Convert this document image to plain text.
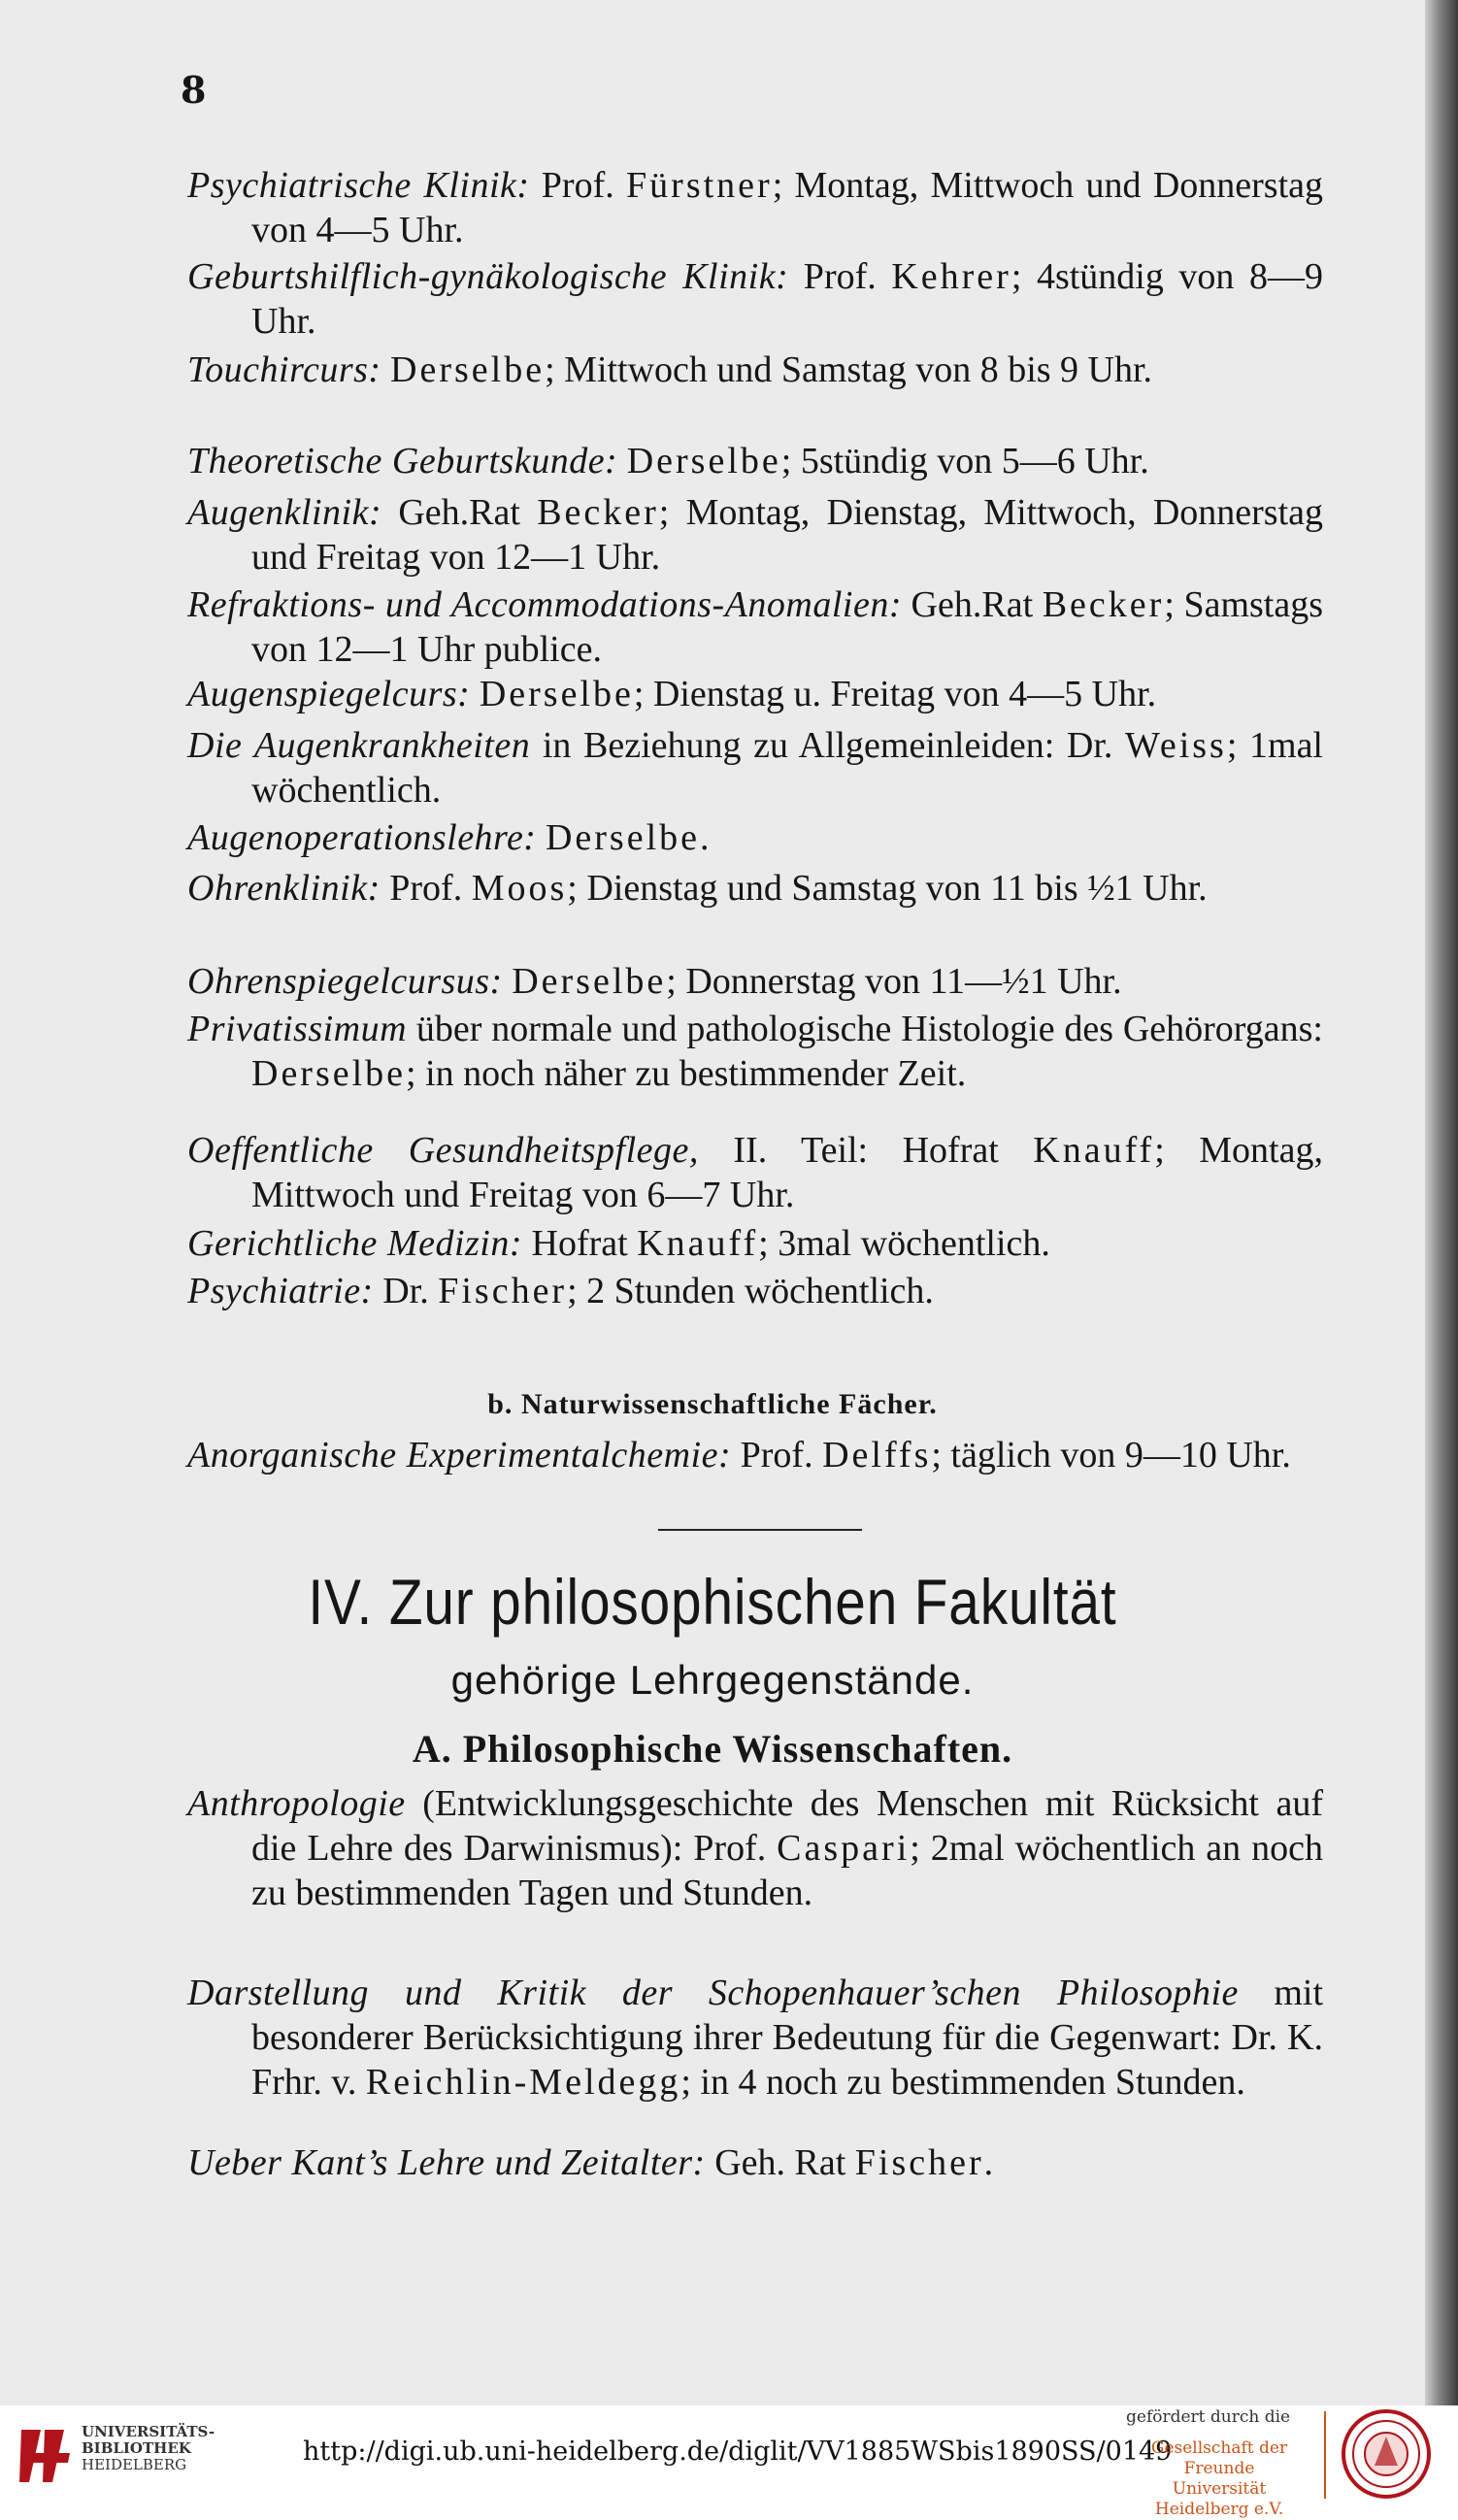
8
Psychiatrische Klinik: Prof. Fürstner; Montag, Mittwoch und Donnerstag von 4—5 Uhr.
Geburtshilflich-gynäkologische Klinik: Prof. Kehrer; 4stündig von 8—9 Uhr.
Touchircurs: Derselbe; Mittwoch und Samstag von 8 bis 9 Uhr.
Theoretische Geburtskunde: Derselbe; 5stündig von 5—6 Uhr.
Augenklinik: Geh.Rat Becker; Montag, Dienstag, Mittwoch, Donnerstag und Freitag von 12—1 Uhr.
Refraktions- und Accommodations-Anomalien: Geh.Rat Becker; Samstags von 12—1 Uhr publice.
Augenspiegelcurs: Derselbe; Dienstag u. Freitag von 4—5 Uhr.
Die Augenkrankheiten in Beziehung zu Allgemeinleiden: Dr. Weiss; 1mal wöchentlich.
Augenoperationslehre: Derselbe.
Ohrenklinik: Prof. Moos; Dienstag und Samstag von 11 bis ½1 Uhr.
Ohrenspiegelcursus: Derselbe; Donnerstag von 11—½1 Uhr.
Privatissimum über normale und pathologische Histologie des Gehörorgans: Derselbe; in noch näher zu bestimmender Zeit.
Oeffentliche Gesundheitspflege, II. Teil: Hofrat Knauff; Montag, Mittwoch und Freitag von 6—7 Uhr.
Gerichtliche Medizin: Hofrat Knauff; 3mal wöchentlich.
Psychiatrie: Dr. Fischer; 2 Stunden wöchentlich.
b. Naturwissenschaftliche Fächer.
Anorganische Experimentalchemie: Prof. Delffs; täglich von 9—10 Uhr.
IV. Zur philosophischen Fakultät
gehörige Lehrgegenstände.
A. Philosophische Wissenschaften.
Anthropologie (Entwicklungsgeschichte des Menschen mit Rücksicht auf die Lehre des Darwinismus): Prof. Caspari; 2mal wöchentlich an noch zu bestimmenden Tagen und Stunden.
Darstellung und Kritik der Schopenhauer’schen Philosophie mit besonderer Berücksichtigung ihrer Bedeutung für die Gegenwart: Dr. K. Frhr. v. Reichlin-Meldegg; in 4 noch zu bestimmenden Stunden.
Ueber Kant’s Lehre und Zeitalter: Geh. Rat Fischer.
UNIVERSITÄTS-
BIBLIOTHEK
HEIDELBERG	http://digi.ub.uni-heidelberg.de/diglit/VV1885WSbis1890SS/0149
gefördert durch die
Gesellschaft der Freunde
Universität Heidelberg e.V.
